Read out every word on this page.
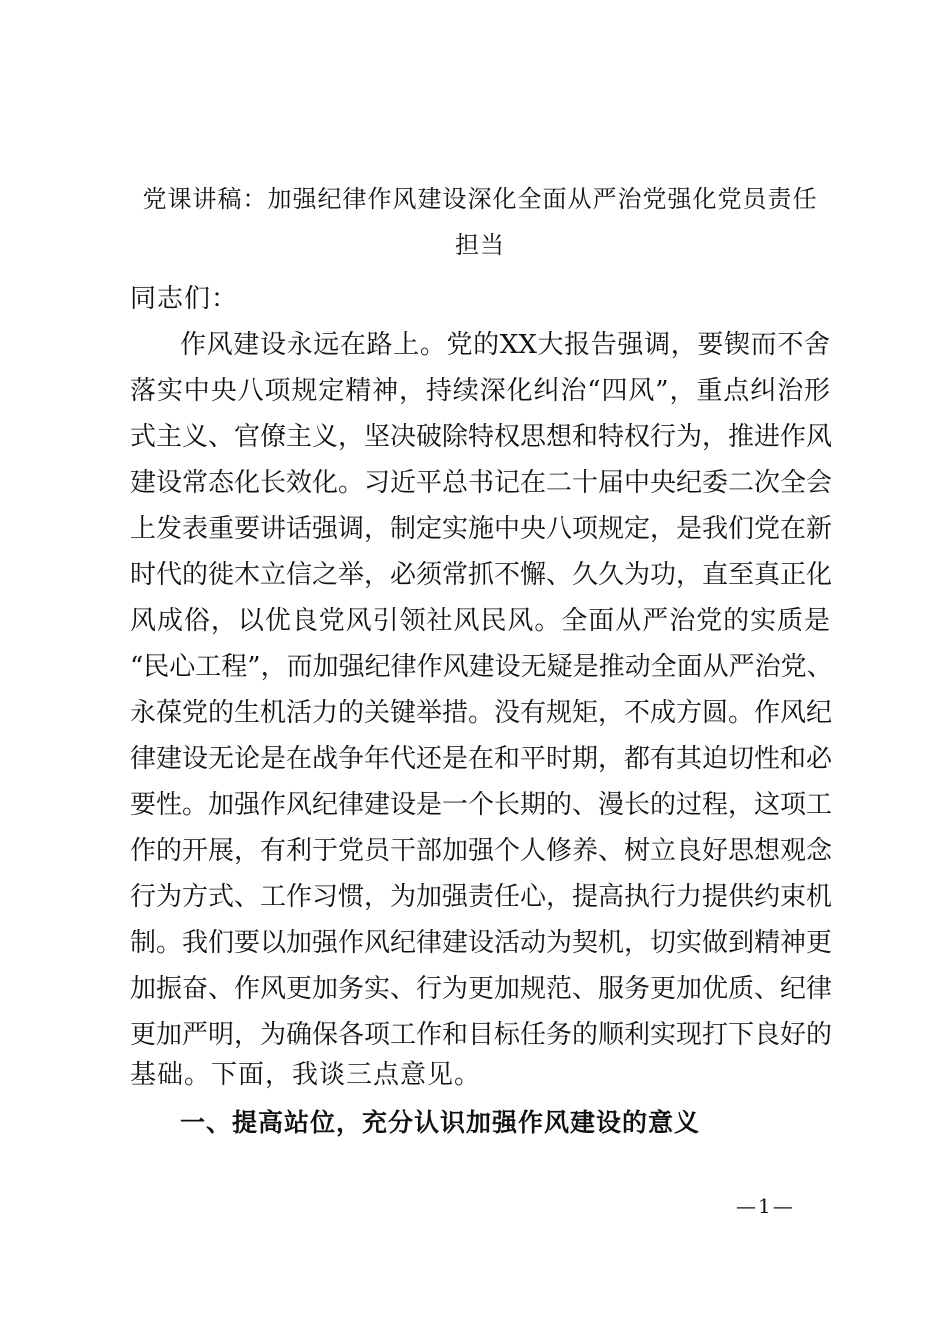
党课讲稿：加强纪律作风建设深化全面从严治党强化党员责任
担当
同志们：
作风建设永远在路上。党的XX大报告强调，要锲而不舍
落实中央八项规定精神，持续深化纠治“四风”，重点纠治形
式主义、官僚主义，坚决破除特权思想和特权行为，推进作风
建设常态化长效化。习近平总书记在二十届中央纪委二次全会
上发表重要讲话强调，制定实施中央八项规定，是我们党在新
时代的徙木立信之举，必须常抓不懈、久久为功，直至真正化
风成俗，以优良党风引领社风民风。全面从严治党的实质是
“民心工程”，而加强纪律作风建设无疑是推动全面从严治党、
永葆党的生机活力的关键举措。没有规矩，不成方圆。作风纪
律建设无论是在战争年代还是在和平时期，都有其迫切性和必
要性。加强作风纪律建设是一个长期的、漫长的过程，这项工
作的开展，有利于党员干部加强个人修养、树立良好思想观念
行为方式、工作习惯，为加强责任心，提高执行力提供约束机
制。我们要以加强作风纪律建设活动为契机，切实做到精神更
加振奋、作风更加务实、行为更加规范、服务更加优质、纪律
更加严明，为确保各项工作和目标任务的顺利实现打下良好的
基础。下面，我谈三点意见。
一、提高站位，充分认识加强作风建设的意义
—1—
